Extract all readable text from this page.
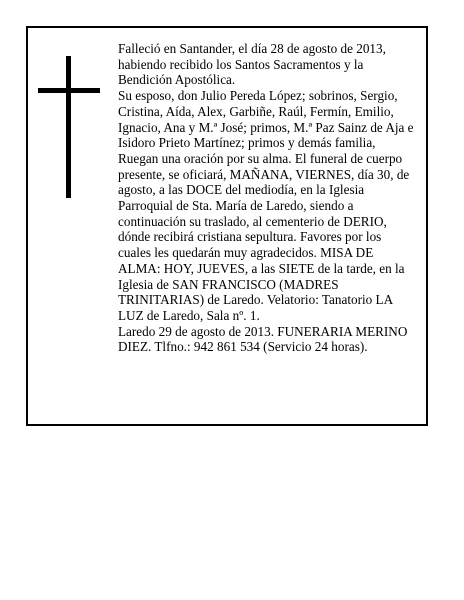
Falleció en Santander, el día 28 de agosto de 2013, habiendo recibido los Santos Sacramentos y la Bendición Apostólica.

Su esposo, don Julio Pereda López; sobrinos, Sergio, Cristina, Aída, Alex, Garbiñe, Raúl, Fermín, Emilio, Ignacio, Ana y M.ª José; primos, M.ª Paz Sainz de Aja e Isidoro Prieto Martínez; primos y demás familia, Ruegan una oración por su alma. El funeral de cuerpo presente, se oficiará, MAÑANA, VIERNES, día 30, de agosto, a las DOCE del mediodía, en la Iglesia Parroquial de Sta. María de Laredo, siendo a continuación su traslado, al cementerio de DERIO, dónde recibirá cristiana sepultura. Favores por los cuales les quedarán muy agradecidos. MISA DE ALMA: HOY, JUEVES, a las SIETE de la tarde, en la Iglesia de SAN FRANCISCO (MADRES TRINITARIAS) de Laredo. Velatorio: Tanatorio LA LUZ de Laredo, Sala nº. 1.

Laredo 29 de agosto de 2013. FUNERARIA MERINO DIEZ. Tlfno.: 942 861 534 (Servicio 24 horas).
